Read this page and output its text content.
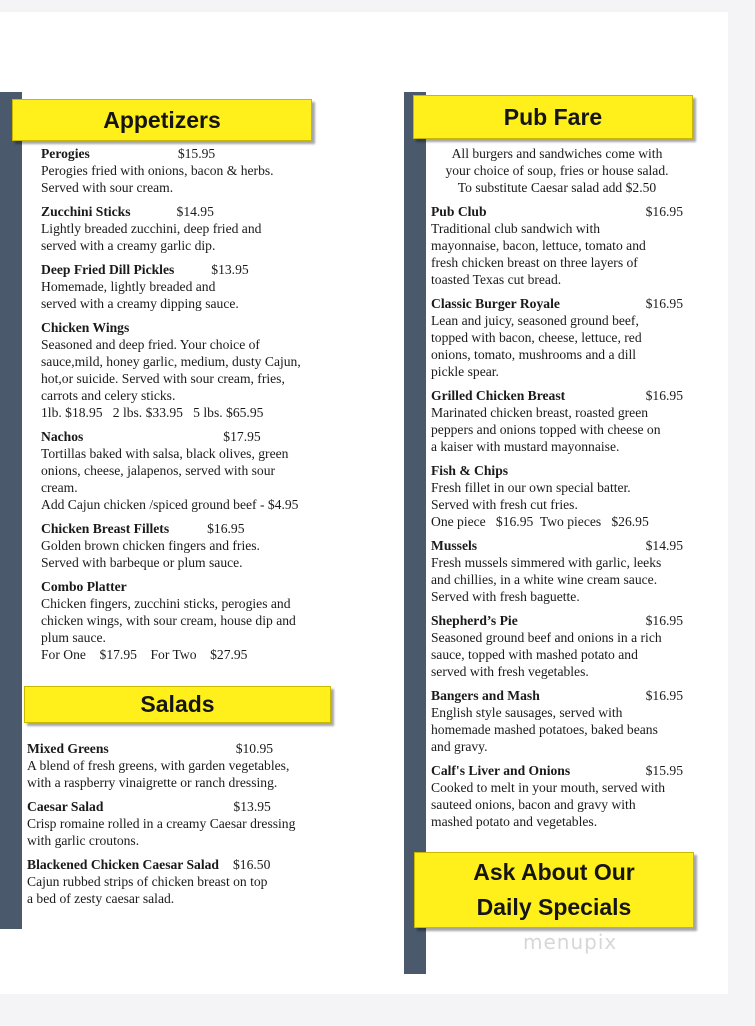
Appetizers
Salads
Pub Fare
Ask About Our
Daily Specials
Perogies	$15.95
Perogies fried with onions, bacon & herbs.
Served with sour cream.
Zucchini Sticks	$14.95
Lightly breaded zucchini, deep fried and
served with a creamy garlic dip.
Deep Fried Dill Pickles	$13.95
Homemade, lightly breaded and
served with a creamy dipping sauce.
Chicken Wings
Seasoned and deep fried. Your choice of
sauce,mild, honey garlic, medium, dusty Cajun,
hot,or suicide. Served with sour cream, fries,
carrots and celery sticks.
1lb. $18.95   2 lbs. $33.95   5 lbs. $65.95
Nachos	$17.95
Tortillas baked with salsa, black olives, green
onions, cheese, jalapenos, served with sour
cream.
Add Cajun chicken /spiced ground beef - $4.95
Chicken Breast Fillets	$16.95
Golden brown chicken fingers and fries.
Served with barbeque or plum sauce.
Combo Platter
Chicken fingers, zucchini sticks, perogies and
chicken wings, with sour cream, house dip and
plum sauce.
For One    $17.95    For Two    $27.95
Mixed Greens	$10.95
A blend of fresh greens, with garden vegetables,
with a raspberry vinaigrette or ranch dressing.
Caesar Salad	$13.95
Crisp romaine rolled in a creamy Caesar dressing
with garlic croutons.
Blackened Chicken Caesar Salad $16.50
Cajun rubbed strips of chicken breast on top
a bed of zesty caesar salad.
All burgers and sandwiches come with
your choice of soup, fries or house salad.
To substitute Caesar salad add $2.50
Pub Club	$16.95
Traditional club sandwich with
mayonnaise, bacon, lettuce, tomato and
fresh chicken breast on three layers of
toasted Texas cut bread.
Classic Burger Royale	$16.95
Lean and juicy, seasoned ground beef,
topped with bacon, cheese, lettuce, red
onions, tomato, mushrooms and a dill
pickle spear.
Grilled Chicken Breast	$16.95
Marinated chicken breast, roasted green
peppers and onions topped with cheese on
a kaiser with mustard mayonnaise.
Fish & Chips
Fresh fillet in our own special batter.
Served with fresh cut fries.
One piece   $16.95  Two pieces   $26.95
Mussels	$14.95
Fresh mussels simmered with garlic, leeks
and chillies, in a white wine cream sauce.
Served with fresh baguette.
Shepherd’s Pie	$16.95
Seasoned ground beef and onions in a rich
sauce, topped with mashed potato and
served with fresh vegetables.
Bangers and Mash	$16.95
English style sausages, served with
homemade mashed potatoes, baked beans
and gravy.
Calf's Liver and Onions	$15.95
Cooked to melt in your mouth, served with
sauteed onions, bacon and gravy with
mashed potato and vegetables.
menupix
